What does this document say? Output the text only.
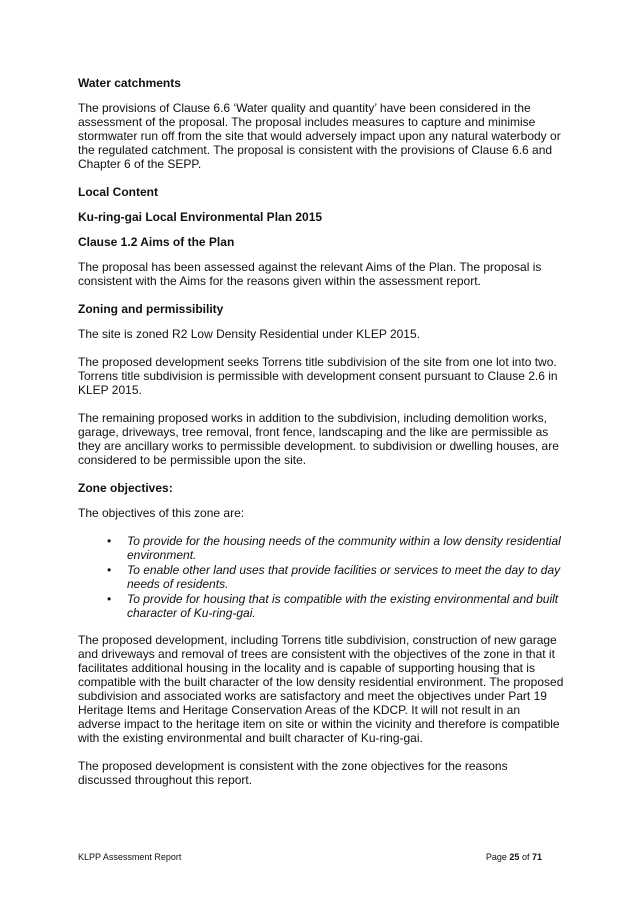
Water catchments
The provisions of Clause 6.6 ‘Water quality and quantity’ have been considered in the assessment of the proposal. The proposal includes measures to capture and minimise stormwater run off from the site that would adversely impact upon any natural waterbody or the regulated catchment. The proposal is consistent with the provisions of Clause 6.6 and Chapter 6 of the SEPP.
Local Content
Ku-ring-gai Local Environmental Plan 2015
Clause 1.2 Aims of the Plan
The proposal has been assessed against the relevant Aims of the Plan. The proposal is consistent with the Aims for the reasons given within the assessment report.
Zoning and permissibility
The site is zoned R2 Low Density Residential under KLEP 2015.
The proposed development seeks Torrens title subdivision of the site from one lot into two. Torrens title subdivision is permissible with development consent pursuant to Clause 2.6 in KLEP 2015.
The remaining proposed works in addition to the subdivision, including demolition works, garage, driveways, tree removal, front fence, landscaping and the like are permissible as they are ancillary works to permissible development. to subdivision or dwelling houses, are considered to be permissible upon the site.
Zone objectives:
The objectives of this zone are:
• To provide for the housing needs of the community within a low density residential environment.
• To enable other land uses that provide facilities or services to meet the day to day needs of residents.
• To provide for housing that is compatible with the existing environmental and built character of Ku-ring-gai.
The proposed development, including Torrens title subdivision, construction of new garage and driveways and removal of trees are consistent with the objectives of the zone in that it facilitates additional housing in the locality and is capable of supporting housing that is compatible with the built character of the low density residential environment. The proposed subdivision and associated works are satisfactory and meet the objectives under Part 19 Heritage Items and Heritage Conservation Areas of the KDCP. It will not result in an adverse impact to the heritage item on site or within the vicinity and therefore is compatible with the existing environmental and built character of Ku-ring-gai.
The proposed development is consistent with the zone objectives for the reasons discussed throughout this report.
KLPP Assessment Report	Page 25 of 71
